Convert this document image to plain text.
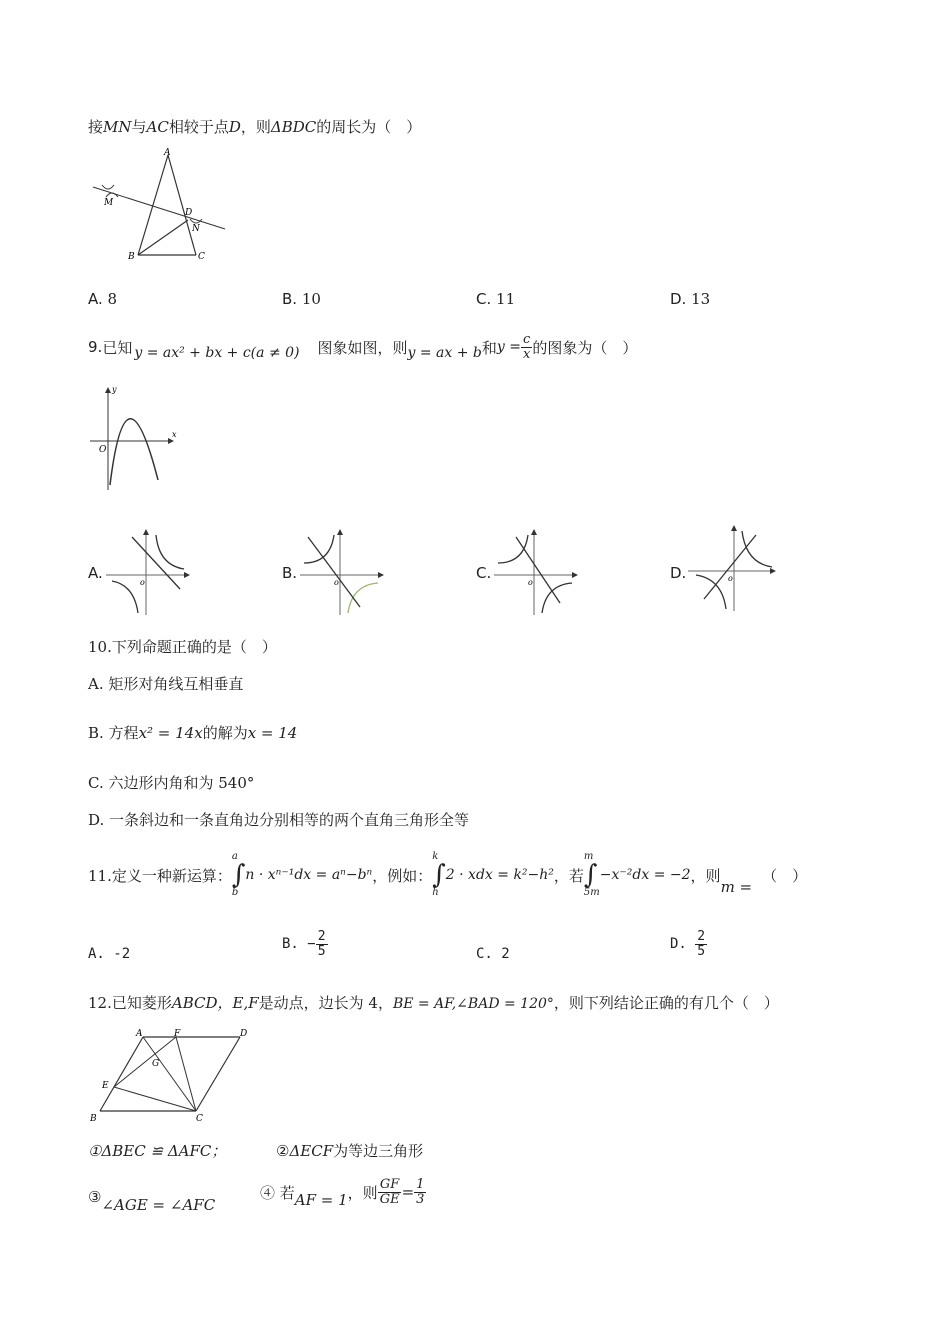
接MN与AC相较于点D，则ΔBDC的周长为（　）
A
B	C
D
M
N
A. 8	B. 10	C. 11	D. 13
9. 已知 y = ax² + bx + c(a ≠ 0) 图象如图，则 y = ax + b 和 $y = \frac{c}{x}$ 的图象为（　）
O
x
y
A.
o
B.
o
C.
o
D.	o
10.下列命题正确的是（　）
A. 矩形对角线互相垂直
B. 方程x² = 14x的解为x = 14
C. 六边形内角和为 540°
D. 一条斜边和一条直角边分别相等的两个直角三角形全等
11.定义一种新运算：
a
∫
b
n · xⁿ⁻¹dx = aⁿ−bⁿ ，例如：
k
∫
h
2 · xdx = k²−h² ，若
m
∫
5m
−x⁻²dx = −2 ，则
m =
（　）
A. -2
B.
− $\frac{2}{5}$	C. 2
D.
$\frac{2}{5}$
12.已知菱形ABCD，E,F是动点，边长为 4，BE = AF,∠BAD = 120°，则下列结论正确的有几个（　）
A	F	D
G
E
B	C
①ΔBEC ≌ ΔAFC；	②ΔECF为等边三角形
③∠AGE = ∠AFC
④ 若 AF = 1 ，则 $\frac{GF}{GE} = \frac{1}{3}$
